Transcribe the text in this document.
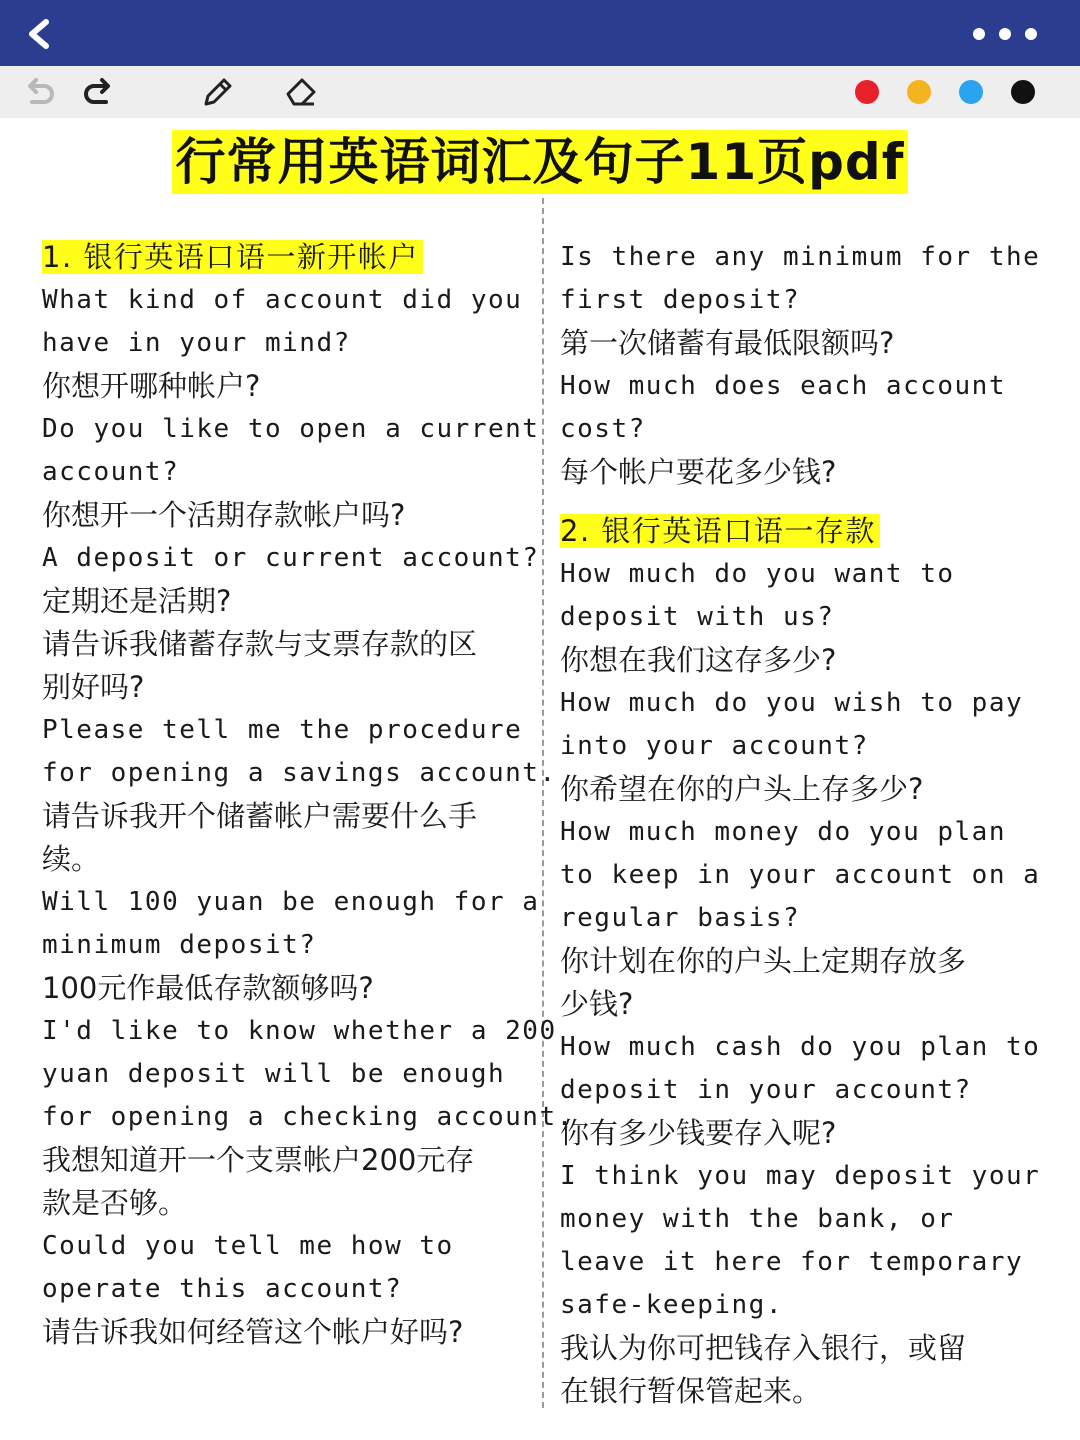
行常用英语词汇及句子11页pdf
1. 银行英语口语一新开帐户
What kind of account did you
have in your mind?
你想开哪种帐户?
Do you like to open a current
account?
你想开一个活期存款帐户吗?
A deposit or current account?
定期还是活期?
请告诉我储蓄存款与支票存款的区
别好吗?
Please tell me the procedure
for opening a savings account.
请告诉我开个储蓄帐户需要什么手
续。
Will 100 yuan be enough for a
minimum deposit?
100元作最低存款额够吗?
I'd like to know whether a 200
yuan deposit will be enough
for opening a checking account.
我想知道开一个支票帐户200元存
款是否够。
Could you tell me how to
operate this account?
请告诉我如何经管这个帐户好吗?
Is there any minimum for the
first deposit?
第一次储蓄有最低限额吗?
How much does each account
cost?
每个帐户要花多少钱?
2. 银行英语口语一存款
How much do you want to
deposit with us?
你想在我们这存多少?
How much do you wish to pay
into your account?
你希望在你的户头上存多少?
How much money do you plan
to keep in your account on a
regular basis?
你计划在你的户头上定期存放多
少钱?
How much cash do you plan to
deposit in your account?
你有多少钱要存入呢?
I think you may deposit your
money with the bank, or
leave it here for temporary
safe-keeping.
我认为你可把钱存入银行，或留
在银行暂保管起来。
